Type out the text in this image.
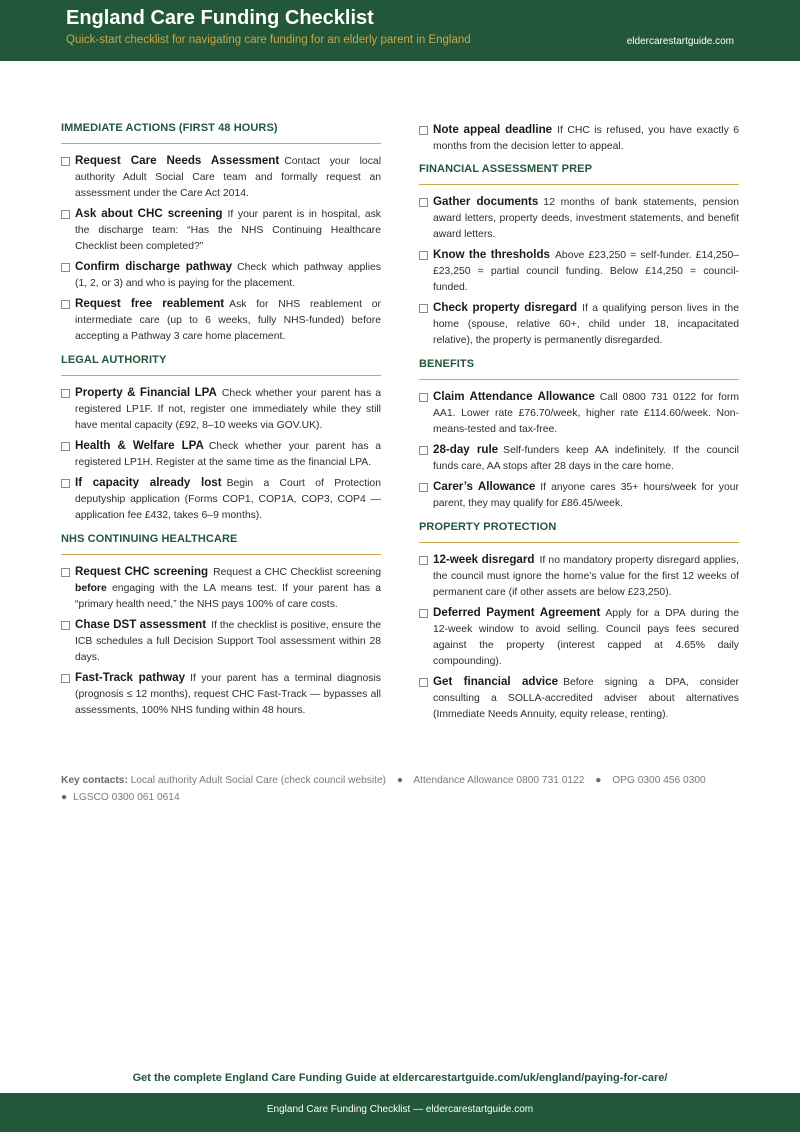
England Care Funding Checklist
Quick-start checklist for navigating care funding for an elderly parent in England	eldercarestartguide.com
IMMEDIATE ACTIONS (FIRST 48 HOURS)
Request Care Needs Assessment Contact your local authority Adult Social Care team and formally request an assessment under the Care Act 2014.
Ask about CHC screening If your parent is in hospital, ask the discharge team: “Has the NHS Continuing Healthcare Checklist been completed?”
Confirm discharge pathway Check which pathway applies (1, 2, or 3) and who is paying for the placement.
Request free reablement Ask for NHS reablement or intermediate care (up to 6 weeks, fully NHS-funded) before accepting a Pathway 3 care home placement.
LEGAL AUTHORITY
Property & Financial LPA Check whether your parent has a registered LP1F. If not, register one immediately while they still have mental capacity (£92, 8–10 weeks via GOV.UK).
Health & Welfare LPA Check whether your parent has a registered LP1H. Register at the same time as the financial LPA.
If capacity already lost Begin a Court of Protection deputyship application (Forms COP1, COP1A, COP3, COP4 — application fee £432, takes 6–9 months).
NHS CONTINUING HEALTHCARE
Request CHC screening Request a CHC Checklist screening before engaging with the LA means test. If your parent has a “primary health need,” the NHS pays 100% of care costs.
Chase DST assessment If the checklist is positive, ensure the ICB schedules a full Decision Support Tool assessment within 28 days.
Fast-Track pathway If your parent has a terminal diagnosis (prognosis ≤ 12 months), request CHC Fast-Track — bypasses all assessments, 100% NHS funding within 48 hours.
Note appeal deadline If CHC is refused, you have exactly 6 months from the decision letter to appeal.
FINANCIAL ASSESSMENT PREP
Gather documents 12 months of bank statements, pension award letters, property deeds, investment statements, and benefit award letters.
Know the thresholds Above £23,250 = self-funder. £14,250–£23,250 = partial council funding. Below £14,250 = council-funded.
Check property disregard If a qualifying person lives in the home (spouse, relative 60+, child under 18, incapacitated relative), the property is permanently disregarded.
BENEFITS
Claim Attendance Allowance Call 0800 731 0122 for form AA1. Lower rate £76.70/week, higher rate £114.60/week. Non-means-tested and tax-free.
28-day rule Self-funders keep AA indefinitely. If the council funds care, AA stops after 28 days in the care home.
Carer’s Allowance If anyone cares 35+ hours/week for your parent, they may qualify for £86.45/week.
PROPERTY PROTECTION
12-week disregard If no mandatory property disregard applies, the council must ignore the home’s value for the first 12 weeks of permanent care (if other assets are below £23,250).
Deferred Payment Agreement Apply for a DPA during the 12-week window to avoid selling. Council pays fees secured against the property (interest capped at 4.65% daily compounding).
Get financial advice Before signing a DPA, consider consulting a SOLLA-accredited adviser about alternatives (Immediate Needs Annuity, equity release, renting).
Key contacts: Local authority Adult Social Care (check council website) ● Attendance Allowance 0800 731 0122 ● OPG 0300 456 0300
● LGSCO 0300 061 0614
Get the complete England Care Funding Guide at eldercarestartguide.com/uk/england/paying-for-care/
England Care Funding Checklist — eldercarestartguide.com
